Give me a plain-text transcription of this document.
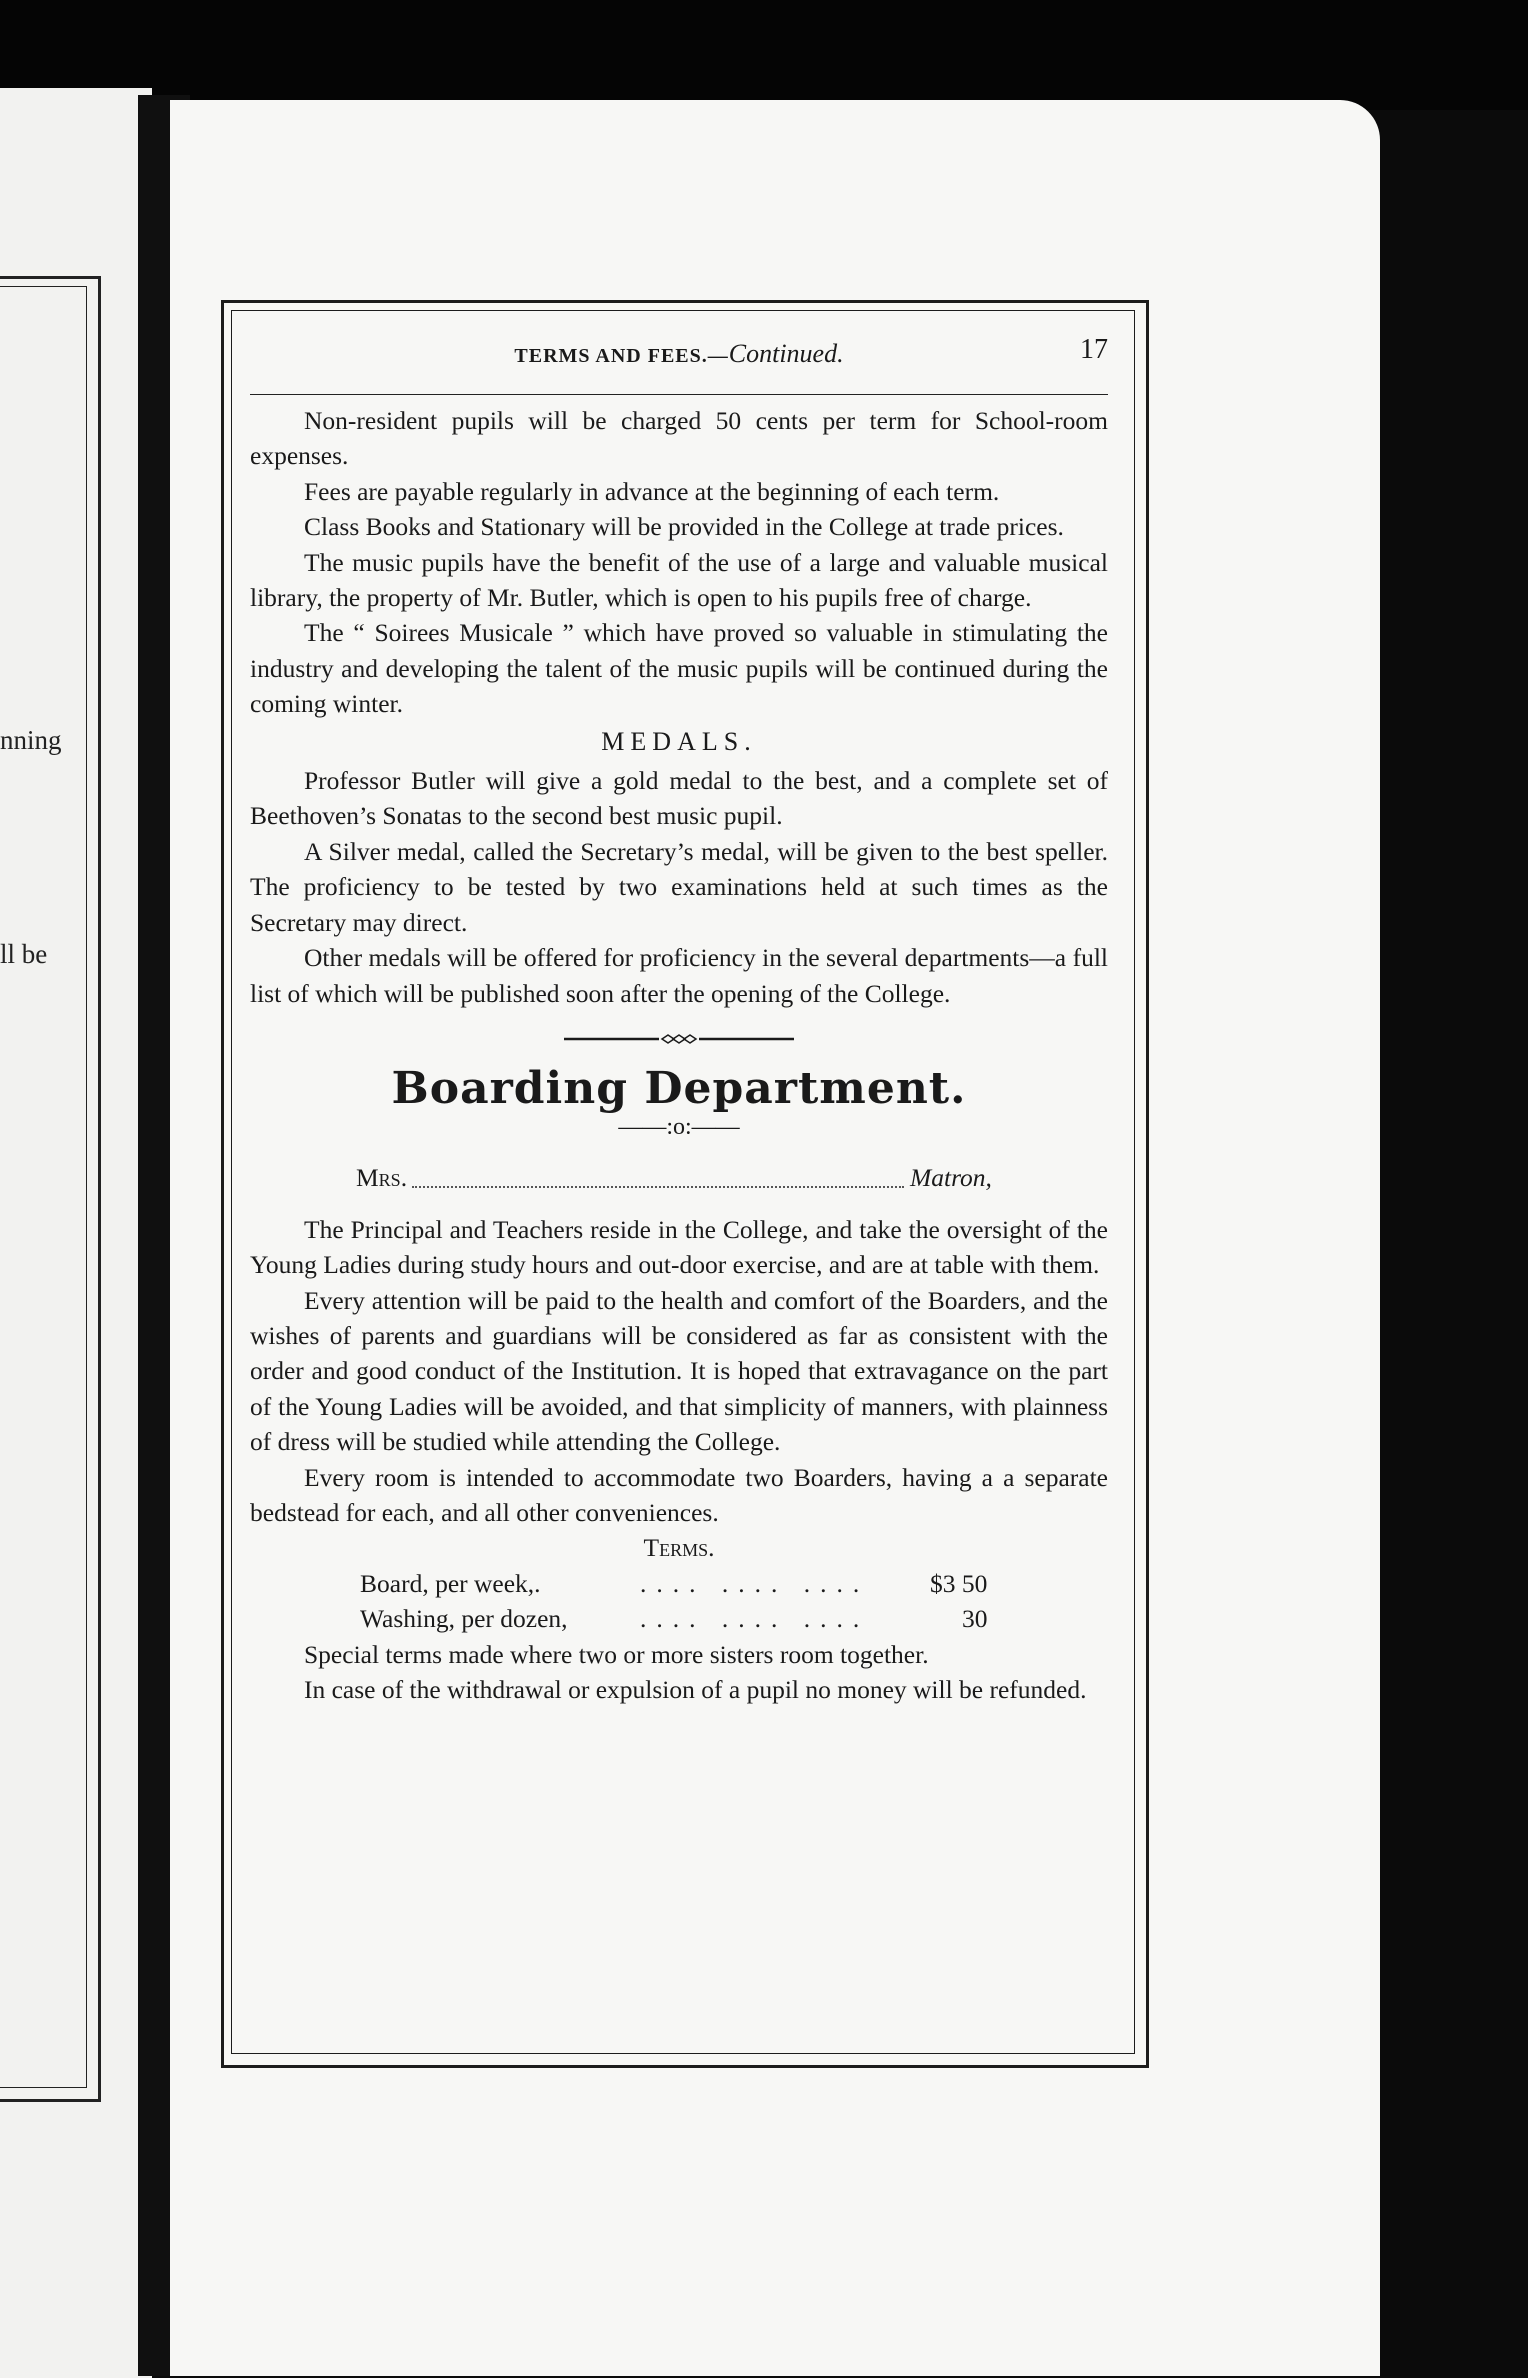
nning
ll be
TERMS AND FEES.—Continued.	17

Non-resident pupils will be charged 50 cents per term for School-room expenses.

Fees are payable regularly in advance at the beginning of each term.

Class Books and Stationary will be provided in the College at trade prices.

The music pupils have the benefit of the use of a large and valuable musical library, the property of Mr. Butler, which is open to his pupils free of charge.

The “ Soirees Musicale ” which have proved so valuable in stimulating the industry and developing the talent of the music pupils will be continued during the coming winter.

MEDALS.

Professor Butler will give a gold medal to the best, and a complete set of Beethoven’s Sonatas to the second best music pupil.

A Silver medal, called the Secretary’s medal, will be given to the best speller. The proficiency to be tested by two examinations held at such times as the Secretary may direct.

Other medals will be offered for proficiency in the several departments—a full list of which will be published soon after the opening of the College.

Boarding Department.
——:o:——
Mrs.	Matron,

The Principal and Teachers reside in the College, and take the oversight of the Young Ladies during study hours and out-door exercise, and are at table with them.

Every attention will be paid to the health and comfort of the Boarders, and the wishes of parents and guardians will be considered as far as consistent with the order and good conduct of the Institution. It is hoped that extravagance on the part of the Young Ladies will be avoided, and that simplicity of manners, with plainness of dress will be studied while attending the College.

Every room is intended to accommodate two Boarders, having a a separate bedstead for each, and all other conveniences.

Terms.
Board, per week,.	.... .... ....	$3 50
Washing, per dozen,	.... .... ....	30

Special terms made where two or more sisters room together.

In case of the withdrawal or expulsion of a pupil no money will be refunded.
